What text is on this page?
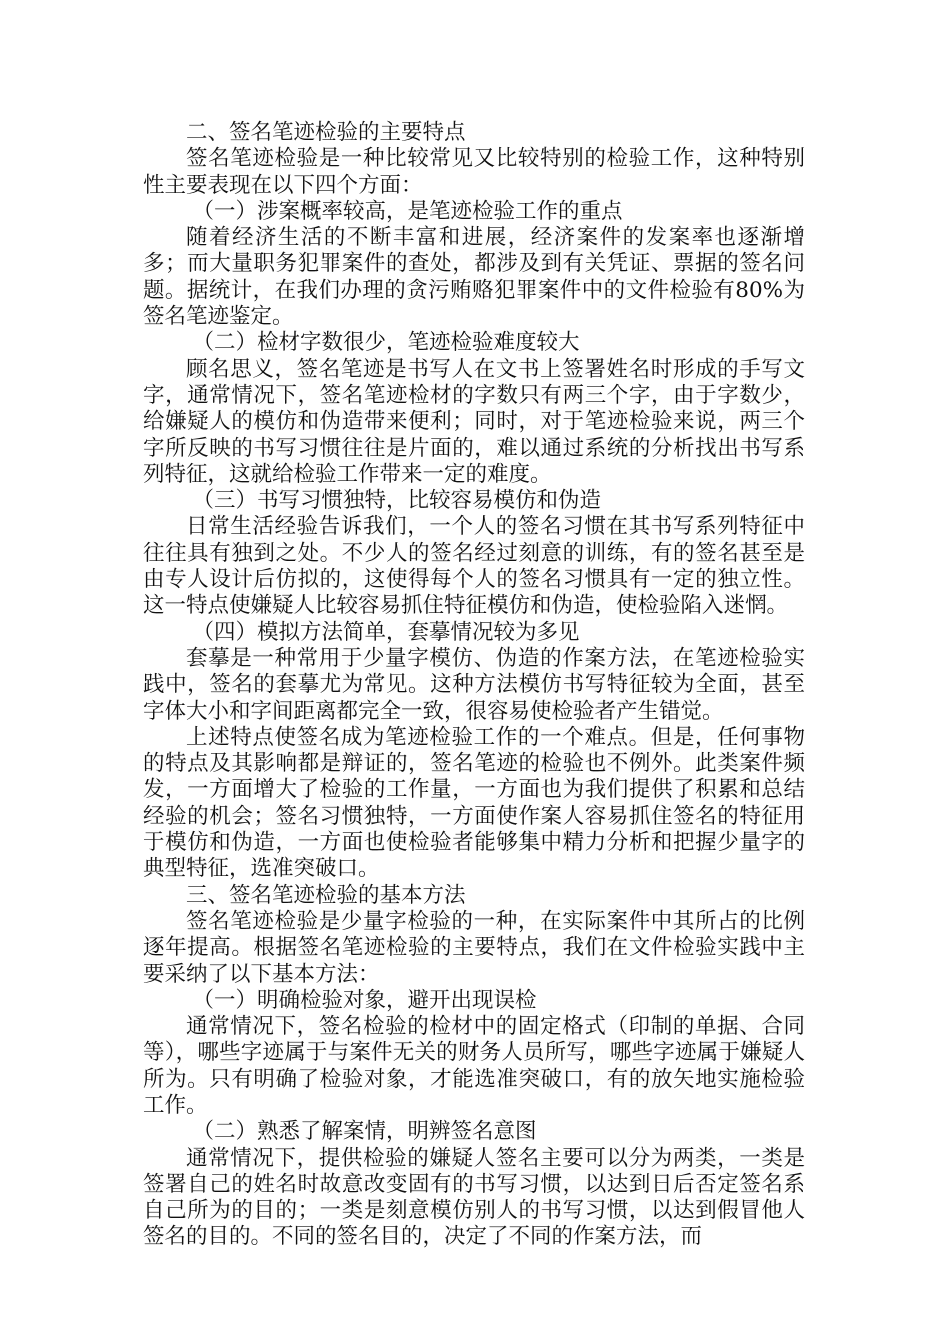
二、签名笔迹检验的主要特点

签名笔迹检验是一种比较常见又比较特别的检验工作，这种特别性主要表现在以下四个方面：

（一）涉案概率较高，是笔迹检验工作的重点

随着经济生活的不断丰富和进展，经济案件的发案率也逐渐增多；而大量职务犯罪案件的查处，都涉及到有关凭证、票据的签名问题。据统计，在我们办理的贪污贿赂犯罪案件中的文件检验有80%为签名笔迹鉴定。

（二）检材字数很少，笔迹检验难度较大

顾名思义，签名笔迹是书写人在文书上签署姓名时形成的手写文字，通常情况下，签名笔迹检材的字数只有两三个字，由于字数少，给嫌疑人的模仿和伪造带来便利；同时，对于笔迹检验来说，两三个字所反映的书写习惯往往是片面的，难以通过系统的分析找出书写系列特征，这就给检验工作带来一定的难度。

（三）书写习惯独特，比较容易模仿和伪造

日常生活经验告诉我们，一个人的签名习惯在其书写系列特征中往往具有独到之处。不少人的签名经过刻意的训练，有的签名甚至是由专人设计后仿拟的，这使得每个人的签名习惯具有一定的独立性。这一特点使嫌疑人比较容易抓住特征模仿和伪造，使检验陷入迷惘。

（四）模拟方法简单，套摹情况较为多见

套摹是一种常用于少量字模仿、伪造的作案方法，在笔迹检验实践中，签名的套摹尤为常见。这种方法模仿书写特征较为全面，甚至字体大小和字间距离都完全一致，很容易使检验者产生错觉。

上述特点使签名成为笔迹检验工作的一个难点。但是，任何事物的特点及其影响都是辩证的，签名笔迹的检验也不例外。此类案件频发，一方面增大了检验的工作量，一方面也为我们提供了积累和总结经验的机会；签名习惯独特，一方面使作案人容易抓住签名的特征用于模仿和伪造，一方面也使检验者能够集中精力分析和把握少量字的典型特征，选准突破口。

三、签名笔迹检验的基本方法

签名笔迹检验是少量字检验的一种，在实际案件中其所占的比例逐年提高。根据签名笔迹检验的主要特点，我们在文件检验实践中主要采纳了以下基本方法：

（一）明确检验对象，避开出现误检

通常情况下，签名检验的检材中的固定格式（印制的单据、合同等），哪些字迹属于与案件无关的财务人员所写，哪些字迹属于嫌疑人所为。只有明确了检验对象，才能选准突破口，有的放矢地实施检验工作。

（二）熟悉了解案情，明辨签名意图

通常情况下，提供检验的嫌疑人签名主要可以分为两类，一类是签署自己的姓名时故意改变固有的书写习惯，以达到日后否定签名系自己所为的目的；一类是刻意模仿别人的书写习惯，以达到假冒他人签名的目的。不同的签名目的，决定了不同的作案方法，而
